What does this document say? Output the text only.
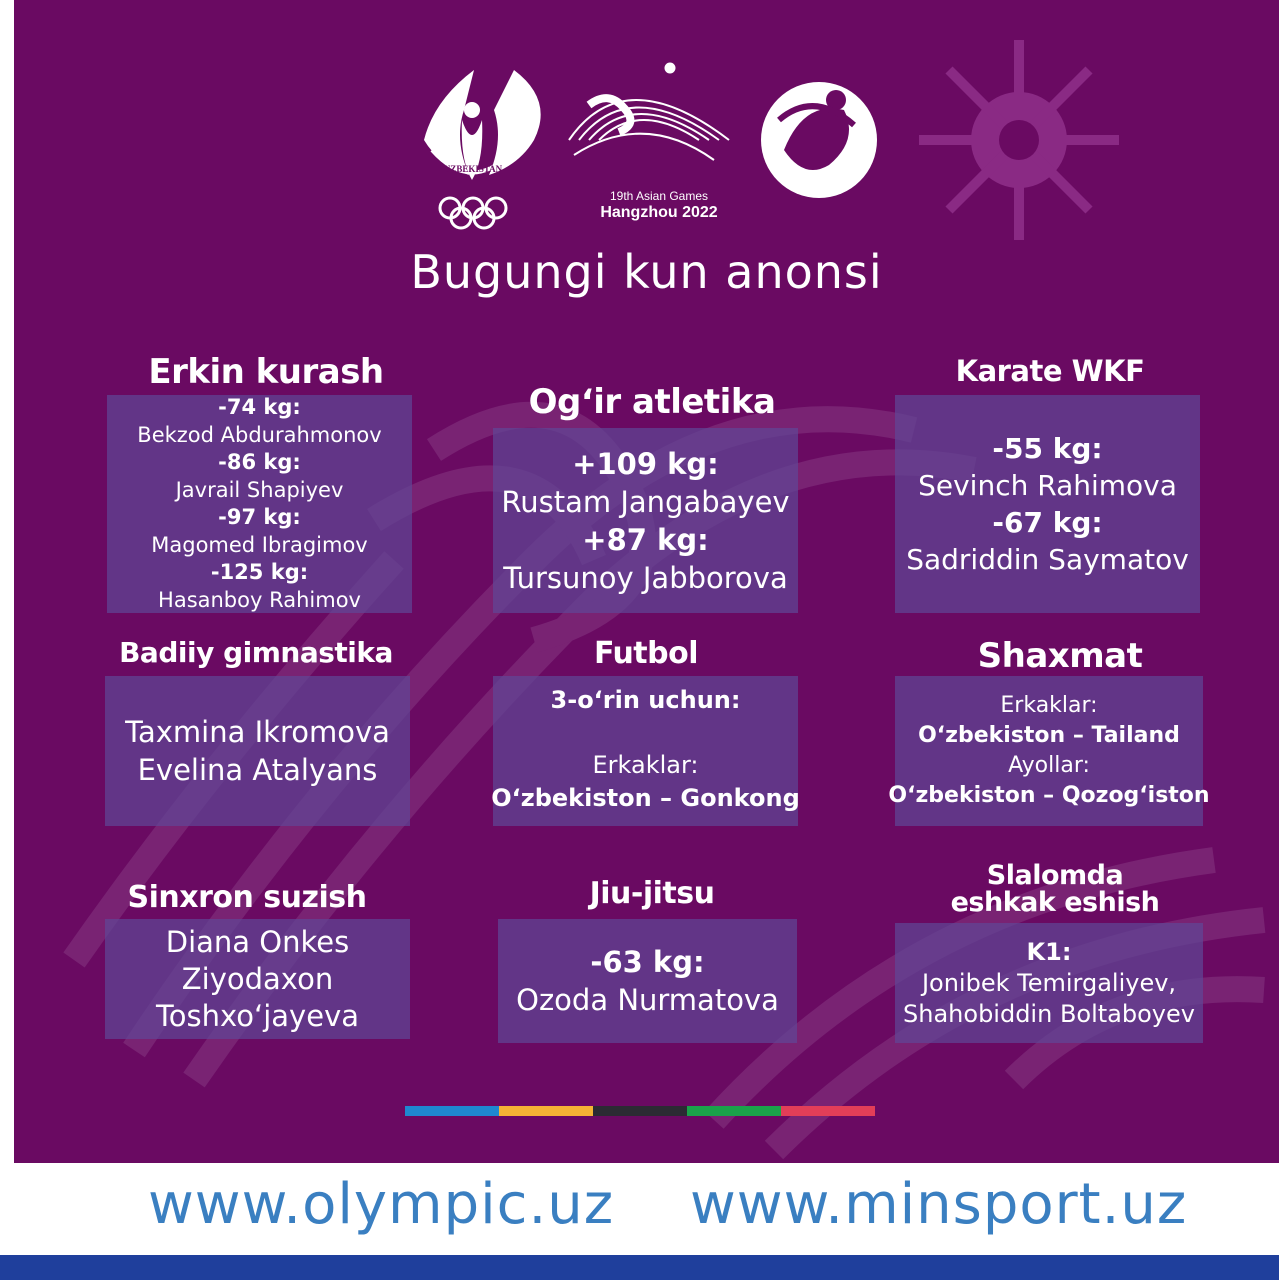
UZBEKISTAN
19th Asian Games
Hangzhou 2022
Bugungi kun anonsi
Erkin kurash
-74 kg:
Bekzod Abdurahmonov
-86 kg:
Javrail Shapiyev
-97 kg:
Magomed Ibragimov
-125 kg:
Hasanboy Rahimov
Og‘ir atletika
+109 kg:
Rustam Jangabayev
+87 kg:
Tursunoy Jabborova
Karate WKF
-55 kg:
Sevinch Rahimova
-67 kg:
Sadriddin Saymatov
Badiiy gimnastika
Taxmina Ikromova
Evelina Atalyans
Futbol
3-o‘rin uchun:
Erkaklar:
O‘zbekiston – Gonkong
Shaxmat
Erkaklar:
O‘zbekiston – Tailand
Ayollar:
O‘zbekiston – Qozog‘iston
Sinxron suzish
Diana Onkes
Ziyodaxon
Toshxo‘jayeva
Jiu-jitsu
-63 kg:
Ozoda Nurmatova
Slalomda
eshkak eshish
K1:
Jonibek Temirgaliyev,
Shahobiddin Boltaboyev
www.olympic.uz www.minsport.uz
